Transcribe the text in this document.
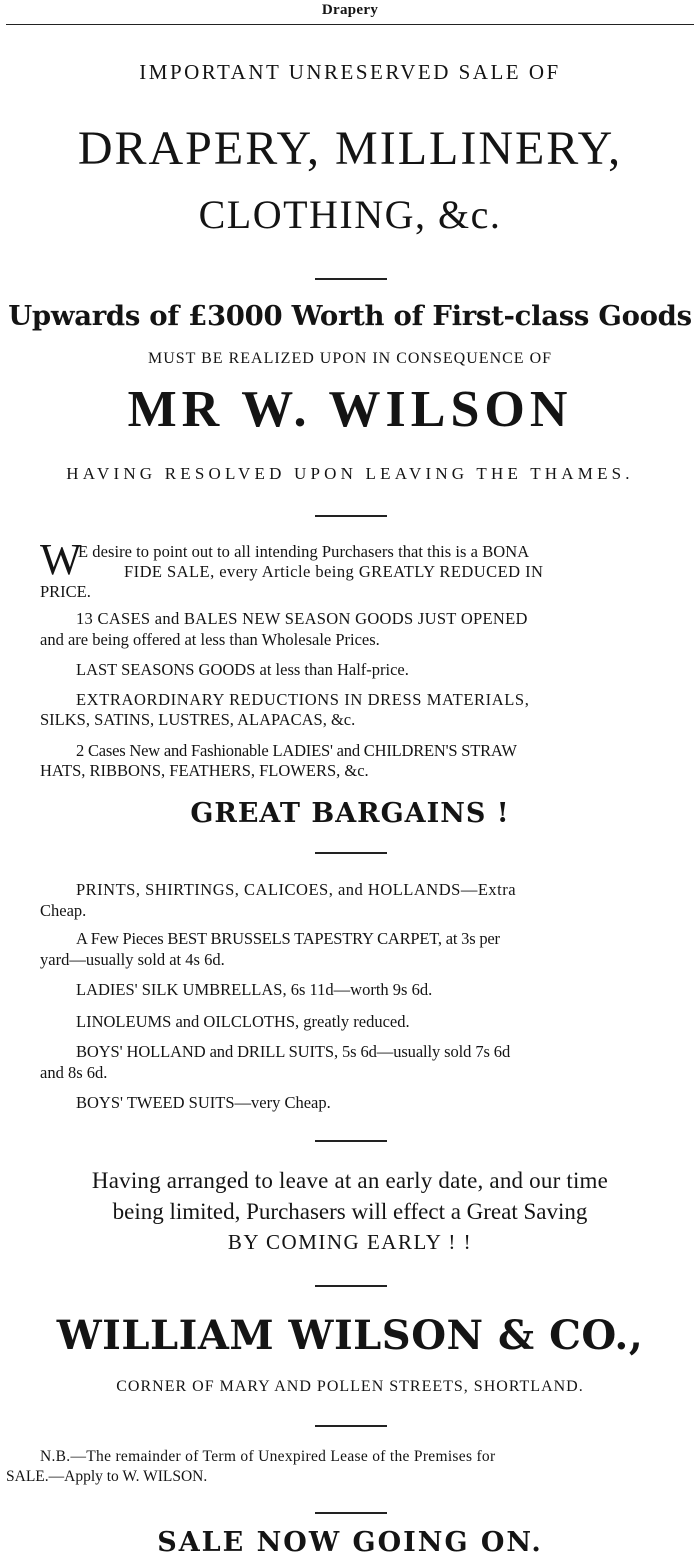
Drapery
IMPORTANT UNRESERVED SALE OF
DRAPERY, MILLINERY,
CLOTHING, &c.
Upwards of £3000 Worth of First-class Goods
MUST BE REALIZED UPON IN CONSEQUENCE OF
MR W. WILSON
HAVING RESOLVED UPON LEAVING THE THAMES.
W
E desire to point out to all intending Purchasers that this is a BONA
FIDE SALE, every Article being GREATLY REDUCED IN
PRICE.
13 CASES and BALES NEW SEASON GOODS JUST OPENED
and are being offered at less than Wholesale Prices.
LAST SEASONS GOODS at less than Half-price.
EXTRAORDINARY REDUCTIONS IN DRESS MATERIALS,
SILKS, SATINS, LUSTRES, ALAPACAS, &c.
2 Cases New and Fashionable LADIES' and CHILDREN'S STRAW
HATS, RIBBONS, FEATHERS, FLOWERS, &c.
GREAT BARGAINS !
PRINTS, SHIRTINGS, CALICOES, and HOLLANDS—Extra
Cheap.
A Few Pieces BEST BRUSSELS TAPESTRY CARPET, at 3s per
yard—usually sold at 4s 6d.
LADIES' SILK UMBRELLAS, 6s 11d—worth 9s 6d.
LINOLEUMS and OILCLOTHS, greatly reduced.
BOYS' HOLLAND and DRILL SUITS, 5s 6d—usually sold 7s 6d
and 8s 6d.
BOYS' TWEED SUITS—very Cheap.
Having arranged to leave at an early date, and our time
being limited, Purchasers will effect a Great Saving
BY COMING EARLY ! !
WILLIAM WILSON & CO.,
CORNER OF MARY AND POLLEN STREETS, SHORTLAND.
N.B.—The remainder of Term of Unexpired Lease of the Premises for
SALE.—Apply to W. WILSON.
SALE NOW GOING ON.
